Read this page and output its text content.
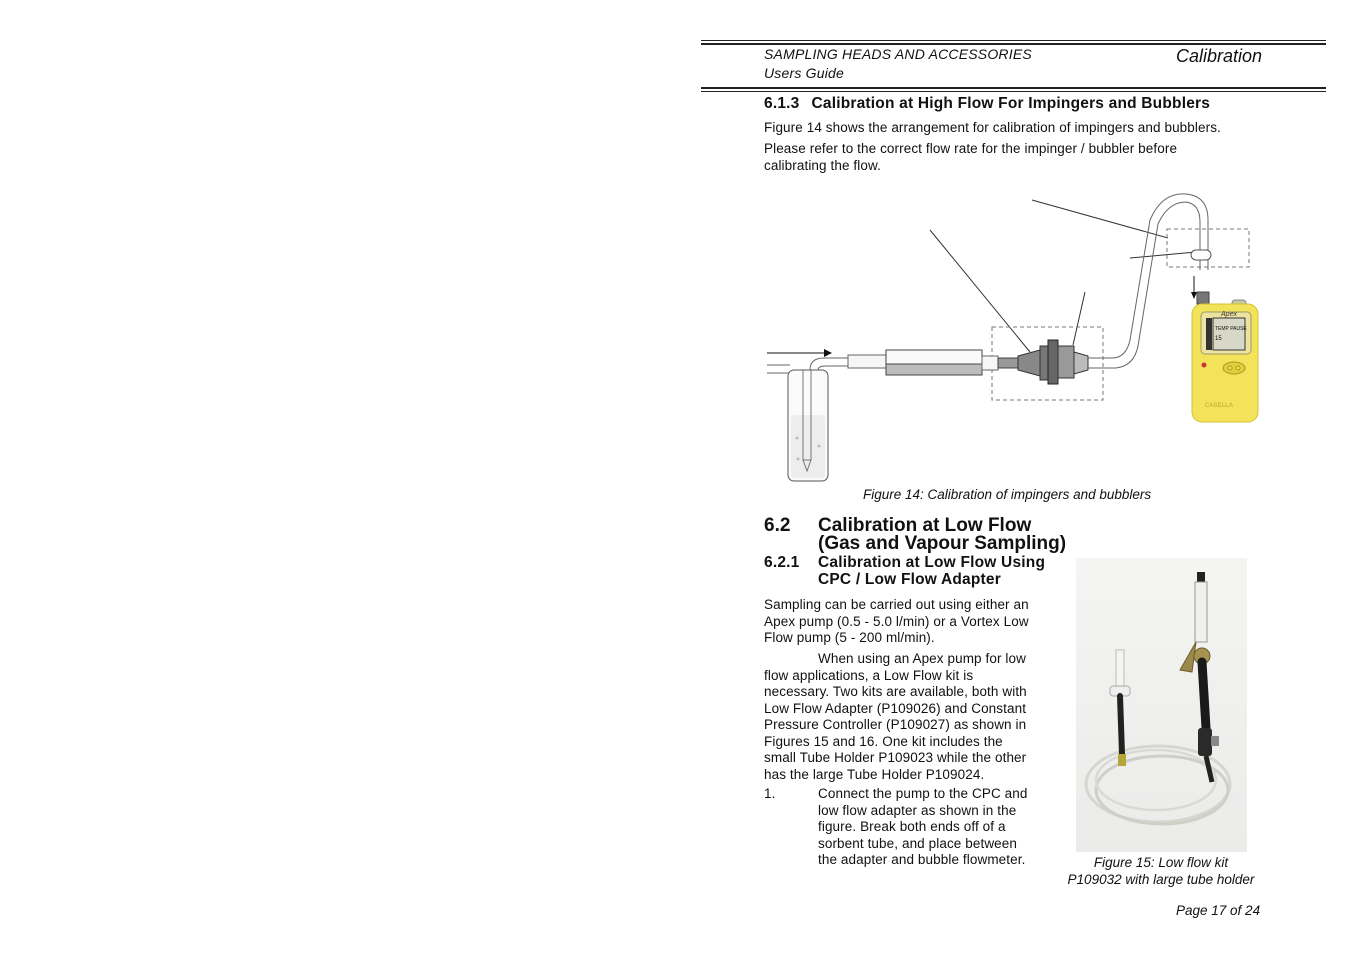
SAMPLING HEADS AND ACCESSORIES
Users Guide
Calibration
6.1.3 Calibration at High Flow For Impingers and Bubblers
Figure 14 shows the arrangement for calibration of impingers and bubblers.
Please refer to the correct flow rate for the impinger / bubbler before
calibrating the flow.
Apex
TEMP PAUSE
15
CASELLA
Figure 14: Calibration of impingers and bubblers
6.2 Calibration at Low Flow
(Gas and Vapour Sampling)
6.2.1 Calibration at Low Flow Using
CPC / Low Flow Adapter
Sampling can be carried out using either an
Apex pump (0.5 - 5.0 l/min) or a Vortex Low
Flow pump (5 - 200 ml/min).
When using an Apex pump for low
flow applications, a Low Flow kit is
necessary. Two kits are available, both with
Low Flow Adapter (P109026) and Constant
Pressure Controller (P109027) as shown in
Figures 15 and 16. One kit includes the
small Tube Holder P109023 while the other
has the large Tube Holder P109024.
1.	Connect the pump to the CPC and
low flow adapter as shown in the
figure. Break both ends off of a
sorbent tube, and place between
the adapter and bubble flowmeter.	Figure 15: Low flow kit
P109032 with large tube holder
Page 17 of 24
